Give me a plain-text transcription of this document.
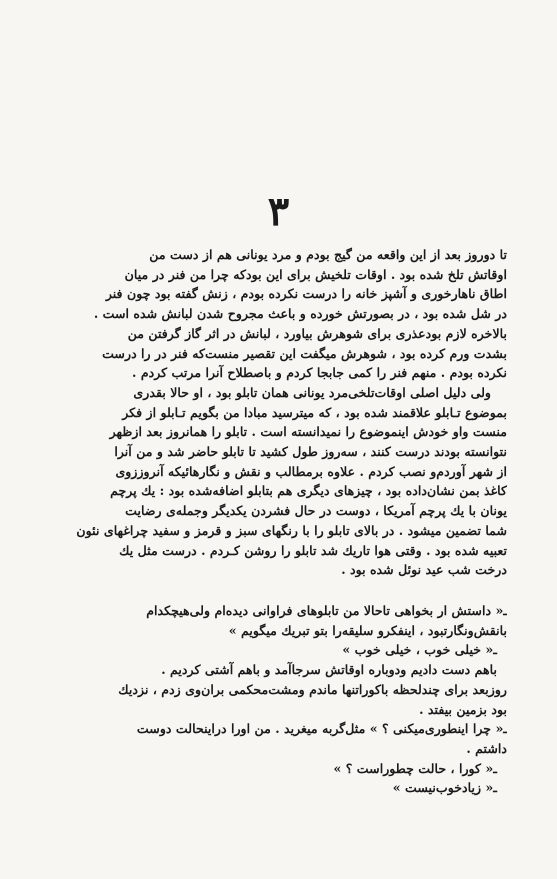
۳
تا دوروز بعد از این واقعه من گیج بودم و مرد یونانی هم از دست من
اوقاتش تلخ شده بود . اوقات تلخیش برای این بودکه چرا من فنر در میان
اطاق ناهارخوری و آشپز خانه را درست نکرده بودم ، زنش گفته بود چون فنر
در شل شده بود ، در بصورتش خورده و باعث مجروح شدن لبانش شده است .
بالاخره لازم بودعذری برای شوهرش بیاورد ، لبانش در اثر گاز گرفتن من
بشدت ورم کرده بود ، شوهرش میگفت این تقصیر منست‌که فنر در را درست
نکرده بودم . منهم فنر را کمی جابجا کردم و باصطلاح آنرا مرتب کردم .
ولی دلیل اصلی اوقات‌تلخی‌مرد یونانی همان تابلو بود ، او حالا بقدری
بموضوع تـابلو علاقمند شده بود ، که میترسید مبادا من بگویم تـابلو از فکر
منست واو خودش اینموضوع را نمیدانسته است . تابلو را همانروز بعد ازظهر
نتوانسته بودند درست کنند ، سه‌روز طول کشید تا تابلو حاضر شد و من آنرا
از شهر آوردم‌و نصب کردم . علاوه برمطالب و نقش و نگارهائیکه آنروززوی
کاغذ بمن نشان‌داده بود ، چیزهای دیگری هم بتابلو اضافه‌شده بود : یك پرچم
یونان با یك پرچم آمریکا ، دوست در حال فشردن یکدیگر وجمله‌ی رضایت
شما تضمین میشود . در بالای تابلو را با رنگهای سبز و قرمز و سفید چراغهای نئون
تعبیه شده بود . وقتی هوا تاریك شد تابلو را روشن کـردم . درست مثل یك
درخت شب عید نوئل شده بود .
ـ« داستش ار بخواهی تاحالا من تابلوهای فراوانی دیده‌ام ولی‌هیچکدام
بانقش‌ونگارتبود ، اینفکرو سلیقه‌را بتو تبریك میگویم »
ـ« خیلی خوب ، خیلی خوب »
باهم دست دادیم ودوباره اوقاتش سرجاآمد و باهم آشتی کردیم .
روزبعد برای چندلحظه باکوراتنها ماندم ومشت‌محکمی بران‌وی زدم ، نزدیك
بود بزمین بیفتد .
ـ« چرا اینطوری‌میکنی ؟ » مثل‌گربه میغرید . من اورا دراینحالت دوست
داشتم .
ـ« کورا ، حالت چطوراست ؟ »
ـ« زیادخوب‌نیست »
